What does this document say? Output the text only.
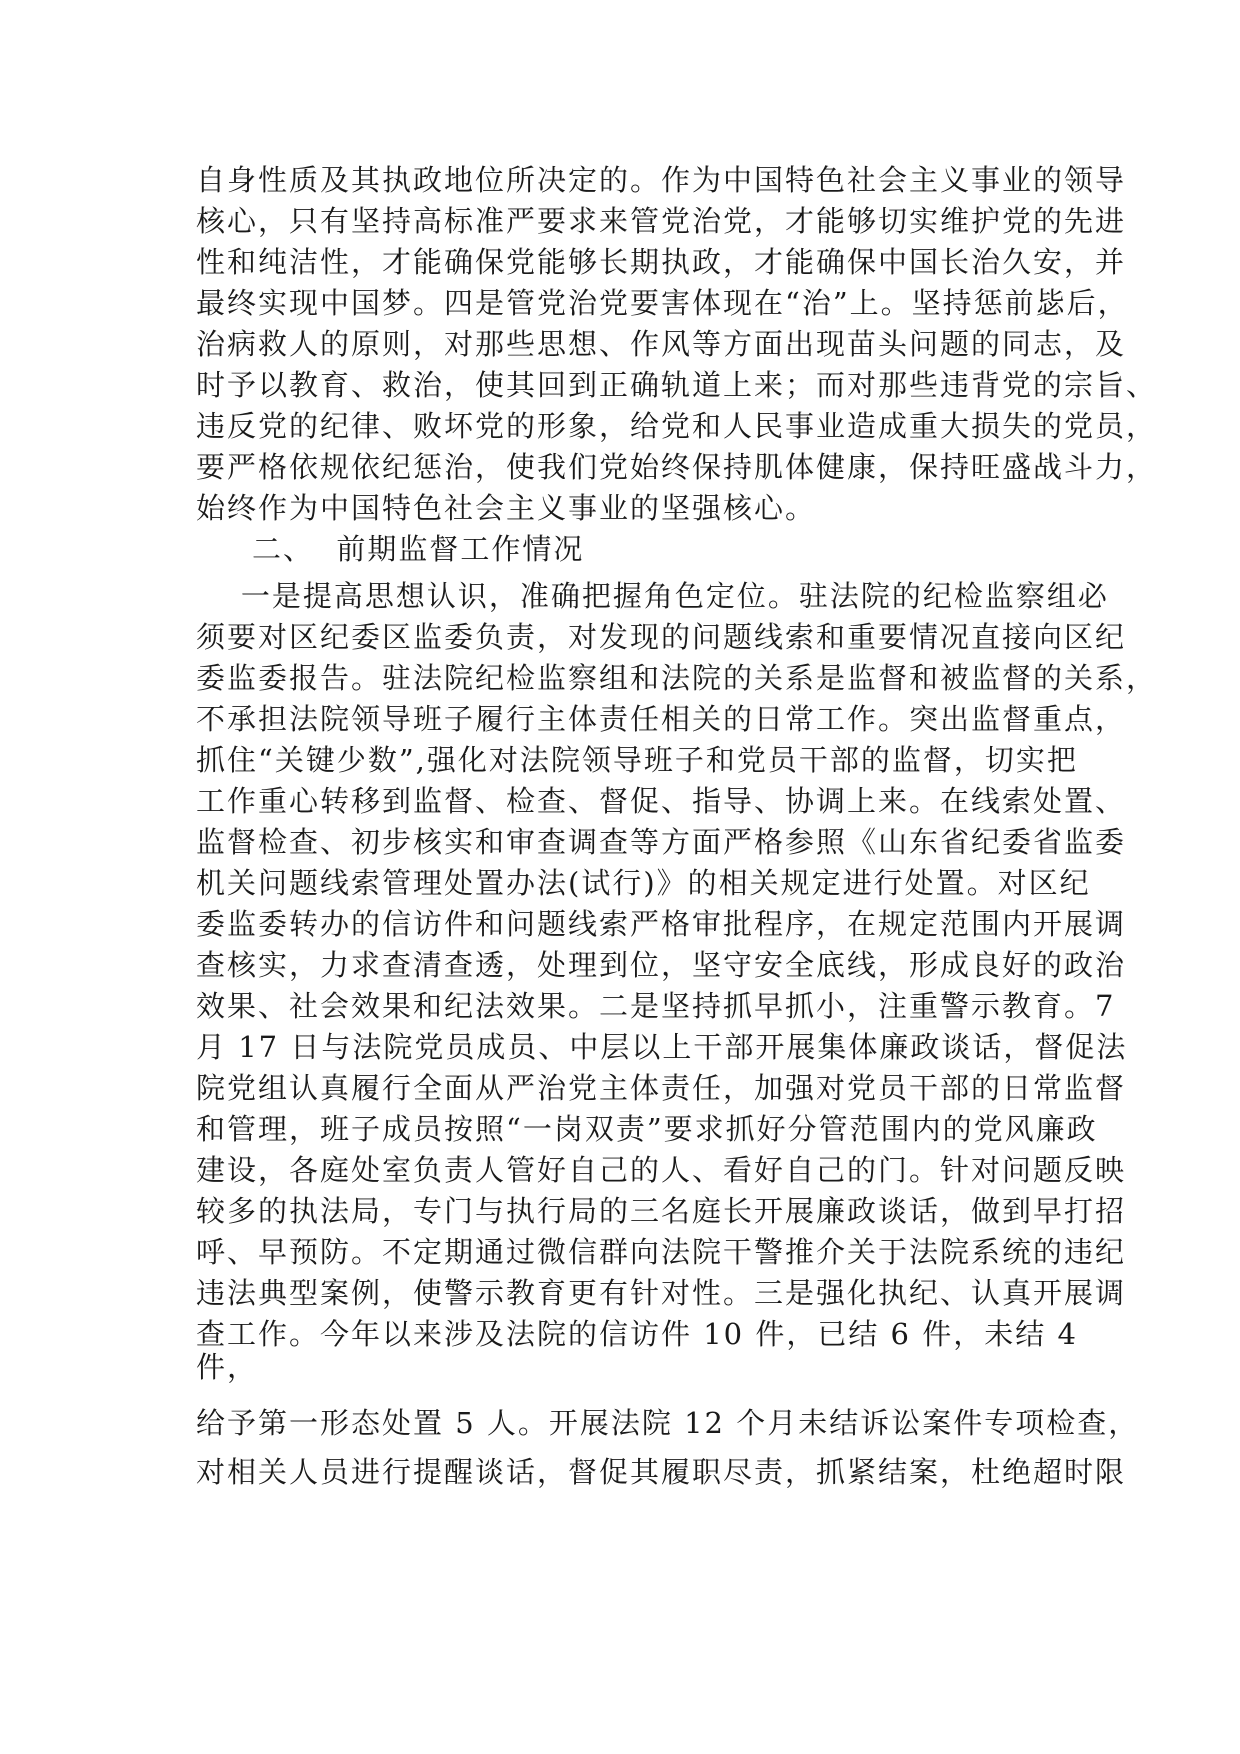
自身性质及其执政地位所决定的。作为中国特色社会主义事业的领导
核心，只有坚持高标准严要求来管党治党，才能够切实维护党的先进
性和纯洁性，才能确保党能够长期执政，才能确保中国长治久安，并
最终实现中国梦。四是管党治党要害体现在“治”上。坚持惩前毖后，
治病救人的原则，对那些思想、作风等方面出现苗头问题的同志，及
时予以教育、救治，使其回到正确轨道上来；而对那些违背党的宗旨、
违反党的纪律、败坏党的形象，给党和人民事业造成重大损失的党员，
要严格依规依纪惩治，使我们党始终保持肌体健康，保持旺盛战斗力，
始终作为中国特色社会主义事业的坚强核心。
二、  前期监督工作情况
一是提高思想认识，准确把握角色定位。驻法院的纪检监察组必
须要对区纪委区监委负责，对发现的问题线索和重要情况直接向区纪
委监委报告。驻法院纪检监察组和法院的关系是监督和被监督的关系，
不承担法院领导班子履行主体责任相关的日常工作。突出监督重点，
抓住“关键少数”,强化对法院领导班子和党员干部的监督，切实把
工作重心转移到监督、检查、督促、指导、协调上来。在线索处置、
监督检查、初步核实和审查调查等方面严格参照《山东省纪委省监委
机关问题线索管理处置办法(试行)》的相关规定进行处置。对区纪
委监委转办的信访件和问题线索严格审批程序，在规定范围内开展调
查核实，力求查清查透，处理到位，坚守安全底线，形成良好的政治
效果、社会效果和纪法效果。二是坚持抓早抓小，注重警示教育。7
月 17 日与法院党员成员、中层以上干部开展集体廉政谈话，督促法
院党组认真履行全面从严治党主体责任，加强对党员干部的日常监督
和管理，班子成员按照“一岗双责”要求抓好分管范围内的党风廉政
建设，各庭处室负责人管好自己的人、看好自己的门。针对问题反映
较多的执法局，专门与执行局的三名庭长开展廉政谈话，做到早打招
呼、早预防。不定期通过微信群向法院干警推介关于法院系统的违纪
违法典型案例，使警示教育更有针对性。三是强化执纪、认真开展调
查工作。今年以来涉及法院的信访件 10 件，已结 6 件，未结 4
件，
给予第一形态处置 5 人。开展法院 12 个月未结诉讼案件专项检查，
对相关人员进行提醒谈话，督促其履职尽责，抓紧结案，杜绝超时限
